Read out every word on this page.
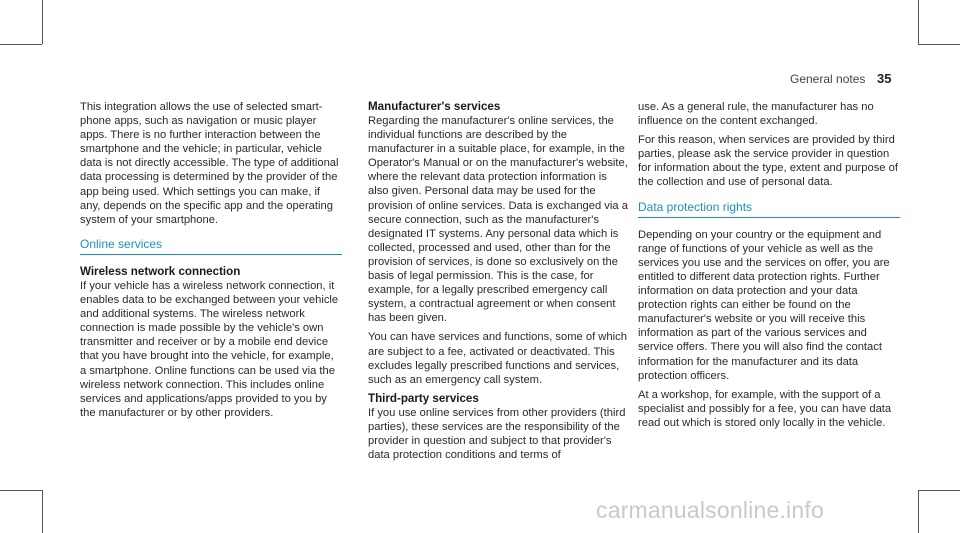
General notes 35

This integration allows the use of selected smart-phone apps, such as navigation or music player apps. There is no further interaction between the smartphone and the vehicle; in particular, vehicle data is not directly accessible. The type of additional data processing is determined by the provider of the app being used. Which settings you can make, if any, depends on the specific app and the operating system of your smartphone.

Online services
Wireless network connection

If your vehicle has a wireless network connection, it enables data to be exchanged between your vehicle and additional systems. The wireless network connection is made possible by the vehicle's own transmitter and receiver or by a mobile end device that you have brought into the vehicle, for example, a smartphone. Online functions can be used via the wireless network connection. This includes online services and applications/apps provided to you by the manufacturer or by other providers.

Manufacturer's services

Regarding the manufacturer's online services, the individual functions are described by the manufacturer in a suitable place, for example, in the Operator's Manual or on the manufacturer's website, where the relevant data protection information is also given. Personal data may be used for the provision of online services. Data is exchanged via a secure connection, such as the manufacturer's designated IT systems. Any personal data which is collected, processed and used, other than for the provision of services, is done so exclusively on the basis of legal permission. This is the case, for example, for a legally prescribed emergency call system, a contractual agreement or when consent has been given.

You can have services and functions, some of which are subject to a fee, activated or deactivated. This excludes legally prescribed functions and services, such as an emergency call system.

Third-party services

If you use online services from other providers (third parties), these services are the responsibility of the provider in question and subject to that provider's data protection conditions and terms of

use. As a general rule, the manufacturer has no influence on the content exchanged.

For this reason, when services are provided by third parties, please ask the service provider in question for information about the type, extent and purpose of the collection and use of personal data.

Data protection rights

Depending on your country or the equipment and range of functions of your vehicle as well as the services you use and the services on offer, you are entitled to different data protection rights. Further information on data protection and your data protection rights can either be found on the manufacturer's website or you will receive this information as part of the various services and service offers. There you will also find the contact information for the manufacturer and its data protection officers.

At a workshop, for example, with the support of a specialist and possibly for a fee, you can have data read out which is stored only locally in the vehicle.

carmanualsonline.info
